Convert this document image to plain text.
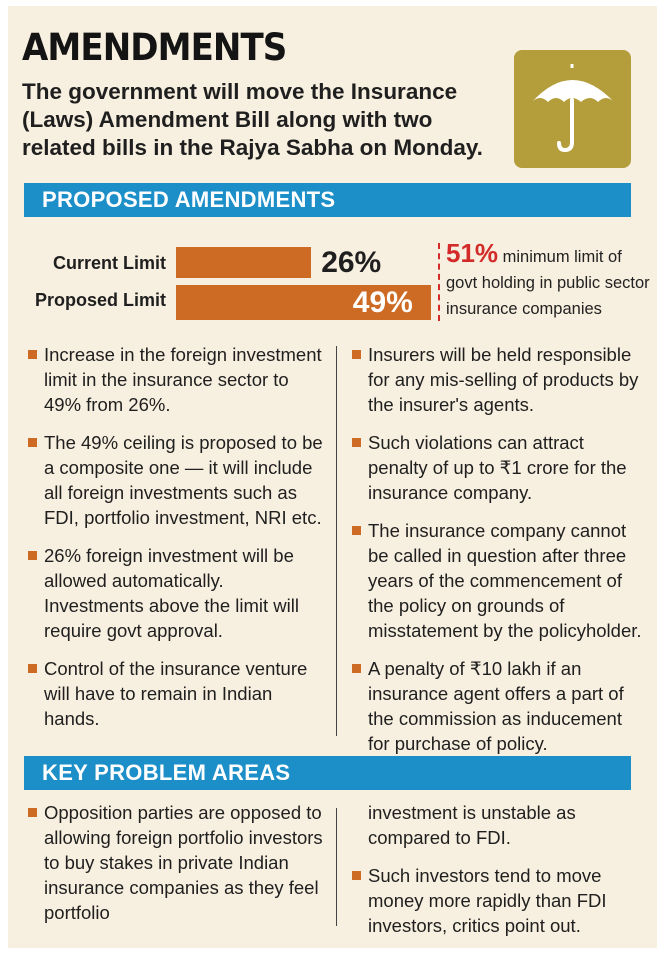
AMENDMENTS
The government will move the Insurance (Laws) Amendment Bill along with two related bills in the Rajya Sabha on Monday.
PROPOSED AMENDMENTS
Current Limit	26%
Proposed Limit	49%
51% minimum limit of govt holding in public sector insurance companies
Increase in the foreign investment limit in the insurance sector to 49% from 26%.
The 49% ceiling is proposed to be a composite one — it will include all foreign investments such as FDI, portfolio investment, NRI etc.
26% foreign investment will be allowed automatically. Investments above the limit will require govt approval.
Control of the insurance venture will have to remain in Indian hands.
Insurers will be held responsible for any mis-selling of products by the insurer's agents.
Such violations can attract penalty of up to ₹1 crore for the insurance company.
The insurance company cannot be called in question after three years of the commencement of the policy on grounds of misstatement by the policyholder.
A penalty of ₹10 lakh if an insurance agent offers a part of the commission as inducement for purchase of policy.
KEY PROBLEM AREAS
Opposition parties are opposed to allowing foreign portfolio investors to buy stakes in private Indian insurance companies as they feel portfolio
investment is unstable as compared to FDI.
Such investors tend to move money more rapidly than FDI investors, critics point out.
